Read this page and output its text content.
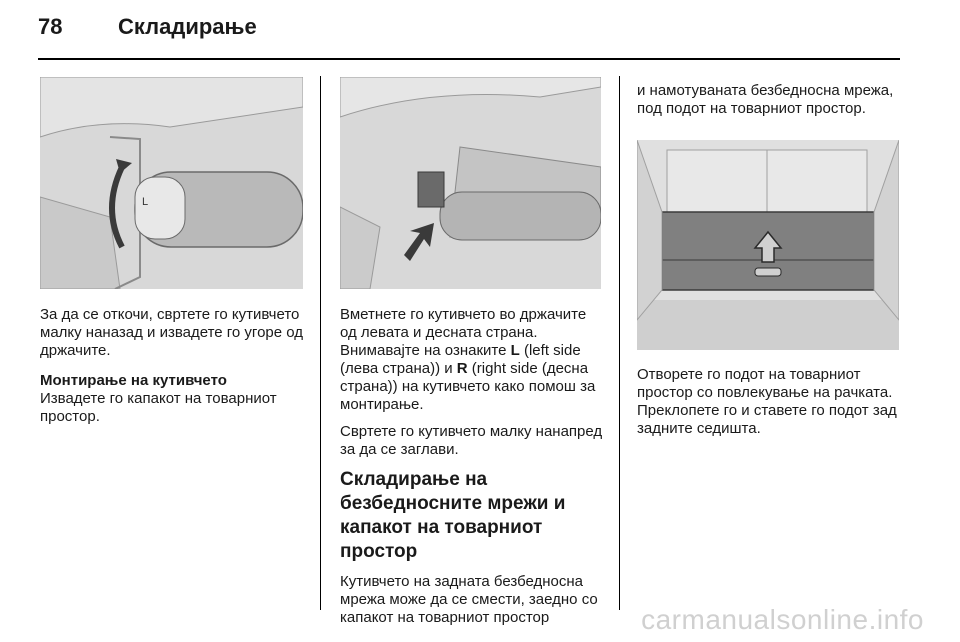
78	Складирање
L

За да се откочи, свртете го кутивчето малку наназад и извадете го угоре од држачите.

Монтирање на кутивчето

Извадете го капакот на товарниот простор.

Вметнете го кутивчето во држачите од левата и десната страна. Внимавајте на ознаките L (left side (лева страна)) и R (right side (десна страна)) на кутивчето како помош за монтирање.

Свртете го кутивчето малку нанапред за да се заглави.

Складирање на безбедносните мрежи и капакот на товарниот простор

Кутивчето на задната безбедносна мрежа може да се смести, заедно со капакот на товарниот простор

и намотуваната безбедносна мрежа, под подот на товарниот простор.

Отворете го подот на товарниот простор со повлекување на рачката. Преклопете го и ставете го подот зад задните седишта.

carmanualsonline.info
